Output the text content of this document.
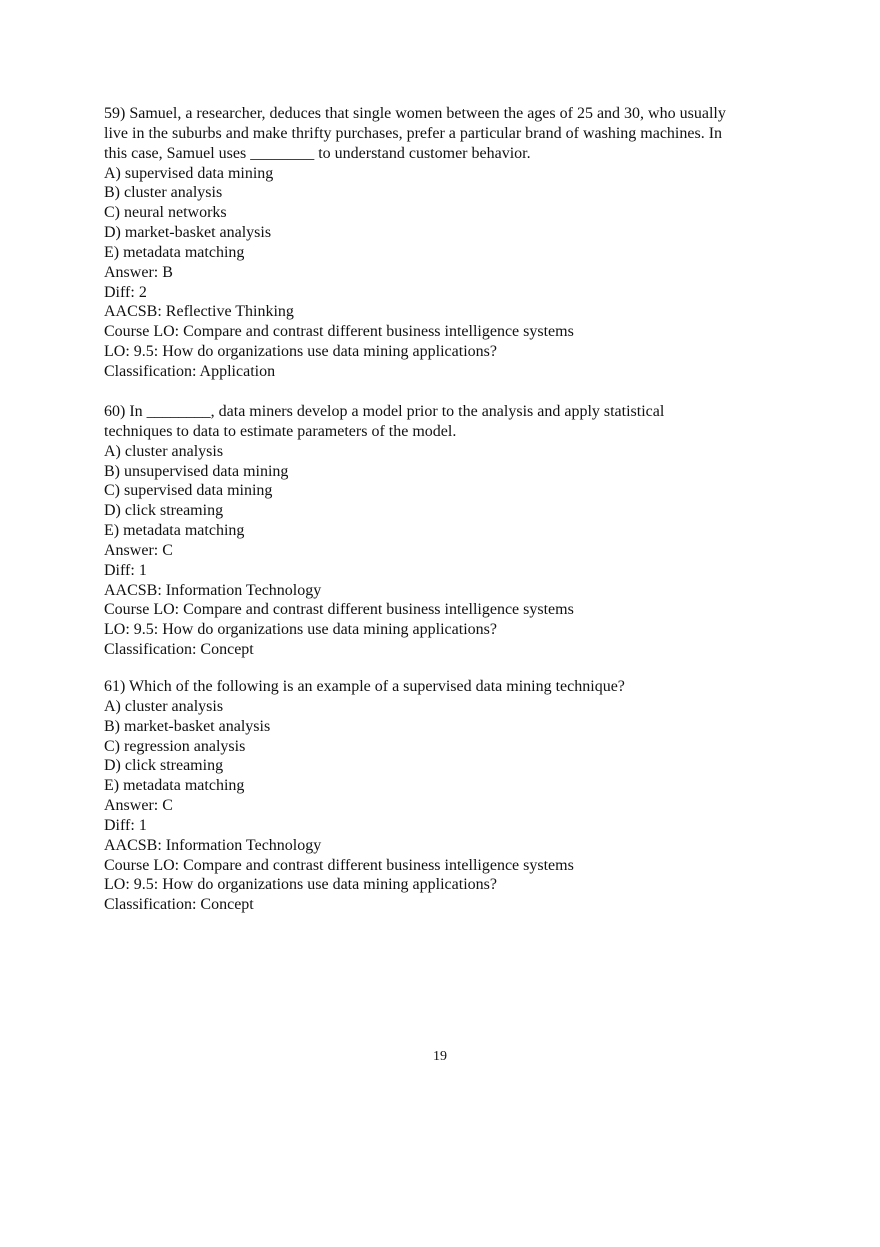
59) Samuel, a researcher, deduces that single women between the ages of 25 and 30, who usually
live in the suburbs and make thrifty purchases, prefer a particular brand of washing machines. In
this case, Samuel uses ________ to understand customer behavior.
A) supervised data mining
B) cluster analysis
C) neural networks
D) market-basket analysis
E) metadata matching
Answer: B
Diff: 2
AACSB: Reflective Thinking
Course LO: Compare and contrast different business intelligence systems
LO: 9.5: How do organizations use data mining applications?
Classification: Application
60) In ________, data miners develop a model prior to the analysis and apply statistical
techniques to data to estimate parameters of the model.
A) cluster analysis
B) unsupervised data mining
C) supervised data mining
D) click streaming
E) metadata matching
Answer: C
Diff: 1
AACSB: Information Technology
Course LO: Compare and contrast different business intelligence systems
LO: 9.5: How do organizations use data mining applications?
Classification: Concept
61) Which of the following is an example of a supervised data mining technique?
A) cluster analysis
B) market-basket analysis
C) regression analysis
D) click streaming
E) metadata matching
Answer: C
Diff: 1
AACSB: Information Technology
Course LO: Compare and contrast different business intelligence systems
LO: 9.5: How do organizations use data mining applications?
Classification: Concept
19
